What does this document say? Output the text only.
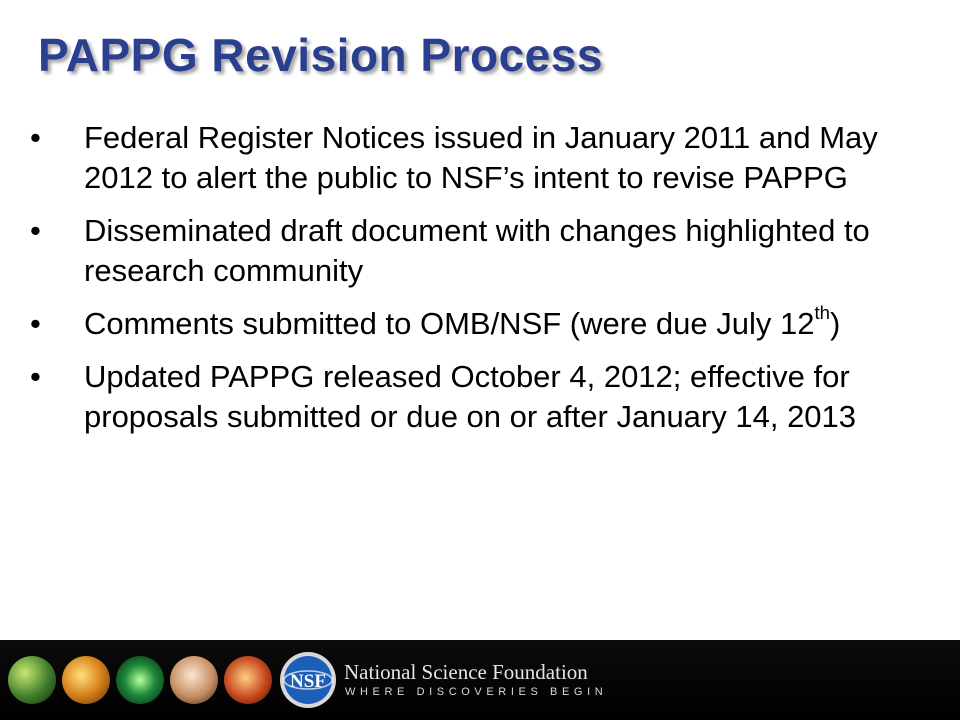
PAPPG Revision Process
•	Federal Register Notices issued in January 2011 and May 2012 to alert the public to NSF’s intent to revise PAPPG
•	Disseminated draft document with changes highlighted to research community
•	Comments submitted to OMB/NSF (were due July 12th)
•	Updated PAPPG released October 4, 2012; effective for proposals submitted or due on or after January 14, 2013
NSF National Science Foundation
WHERE DISCOVERIES BEGIN
